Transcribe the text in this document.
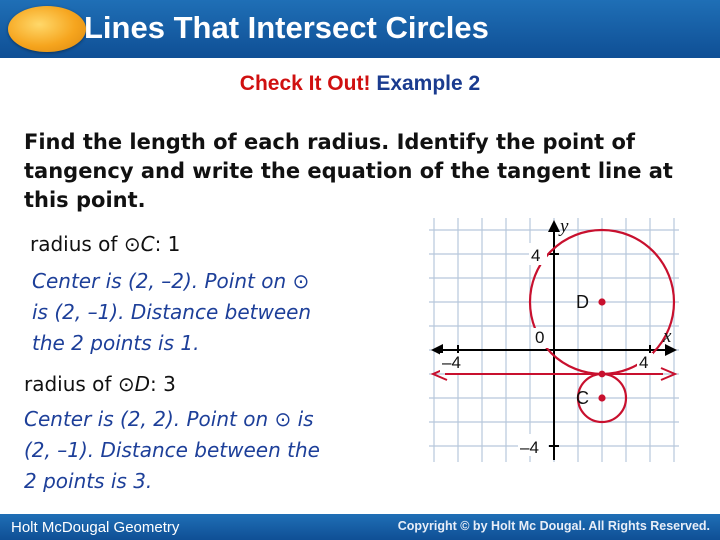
Lines That Intersect Circles
Check It Out! Example 2
Find the length of each radius. Identify the point of tangency and write the equation of the tangent line at this point.
radius of ⊙C: 1
Center is (2, –2). Point on ⊙
is (2, –1). Distance between
the 2 points is 1.
radius of ⊙D: 3
Center is (2, 2). Point on ⊙ is
(2, –1). Distance between the
2 points is 3.
4
–4
–4	4
0
y
x
D
C
Holt McDougal Geometry	Copyright © by Holt Mc Dougal. All Rights Reserved.
